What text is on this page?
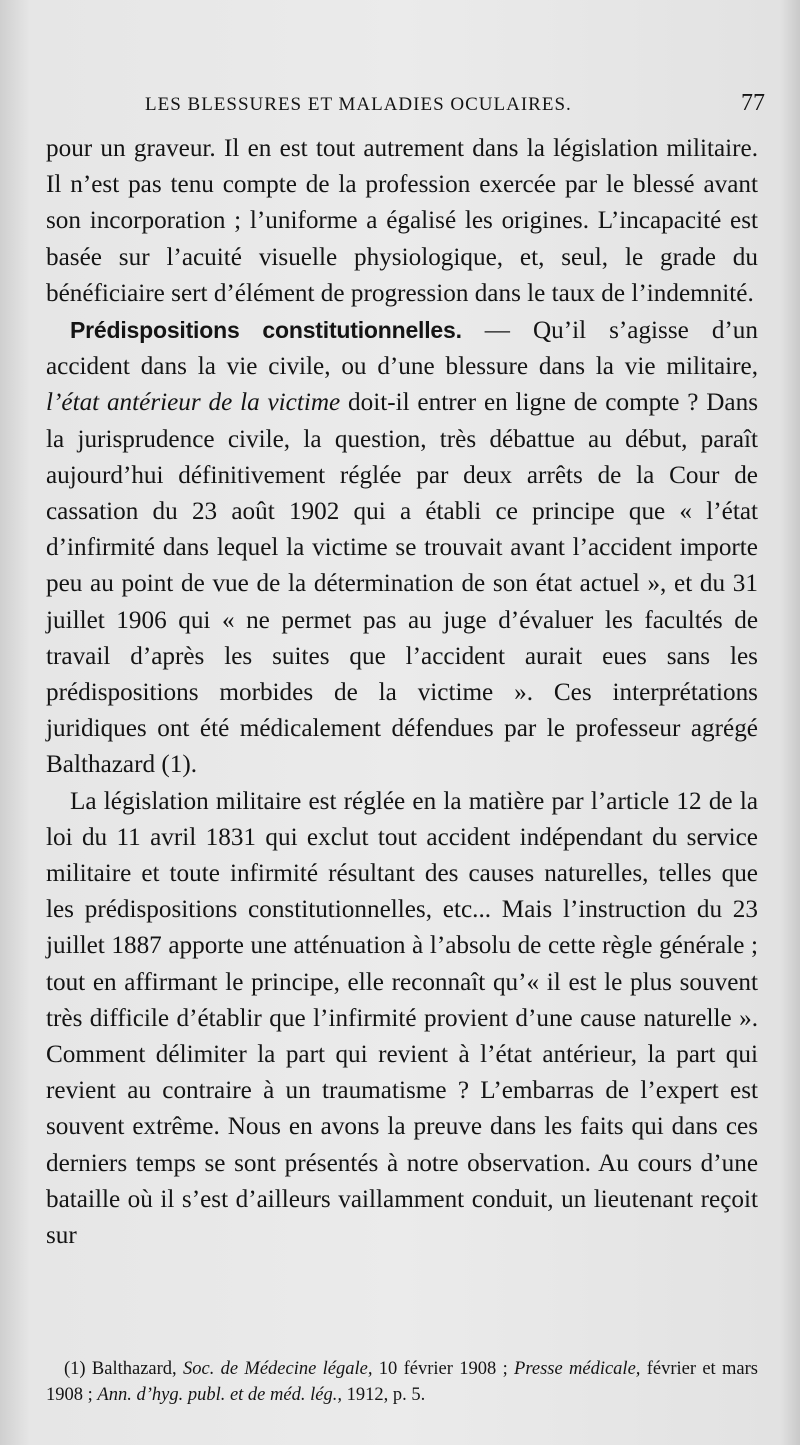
LES BLESSURES ET MALADIES OCULAIRES.	77

pour un graveur. Il en est tout autrement dans la législation militaire. Il n’est pas tenu compte de la profession exercée par le blessé avant son incorporation ; l’uniforme a égalisé les origines. L’incapacité est basée sur l’acuité visuelle physiologique, et, seul, le grade du bénéficiaire sert d’élément de progression dans le taux de l’indemnité.

Prédispositions constitutionnelles. — Qu’il s’agisse d’un accident dans la vie civile, ou d’une blessure dans la vie militaire, l’état antérieur de la victime doit-il entrer en ligne de compte ? Dans la jurisprudence civile, la question, très débattue au début, paraît aujourd’hui définitivement réglée par deux arrêts de la Cour de cassation du 23 août 1902 qui a établi ce principe que « l’état d’infirmité dans lequel la victime se trouvait avant l’accident importe peu au point de vue de la détermination de son état actuel », et du 31 juillet 1906 qui « ne permet pas au juge d’évaluer les facultés de travail d’après les suites que l’accident aurait eues sans les prédispositions morbides de la victime ». Ces interprétations juridiques ont été médicalement défendues par le professeur agrégé Balthazard (1).

La législation militaire est réglée en la matière par l’article 12 de la loi du 11 avril 1831 qui exclut tout accident indépendant du service militaire et toute infirmité résultant des causes naturelles, telles que les prédispositions constitutionnelles, etc... Mais l’instruction du 23 juillet 1887 apporte une atténuation à l’absolu de cette règle générale ; tout en affirmant le principe, elle reconnaît qu’« il est le plus souvent très difficile d’établir que l’infirmité provient d’une cause naturelle ». Comment délimiter la part qui revient à l’état antérieur, la part qui revient au contraire à un traumatisme ? L’embarras de l’expert est souvent extrême. Nous en avons la preuve dans les faits qui dans ces derniers temps se sont présentés à notre observation. Au cours d’une bataille où il s’est d’ailleurs vaillamment conduit, un lieutenant reçoit sur

(1) Balthazard, Soc. de Médecine légale, 10 février 1908 ; Presse médicale, février et mars 1908 ; Ann. d’hyg. publ. et de méd. lég., 1912, p. 5.
